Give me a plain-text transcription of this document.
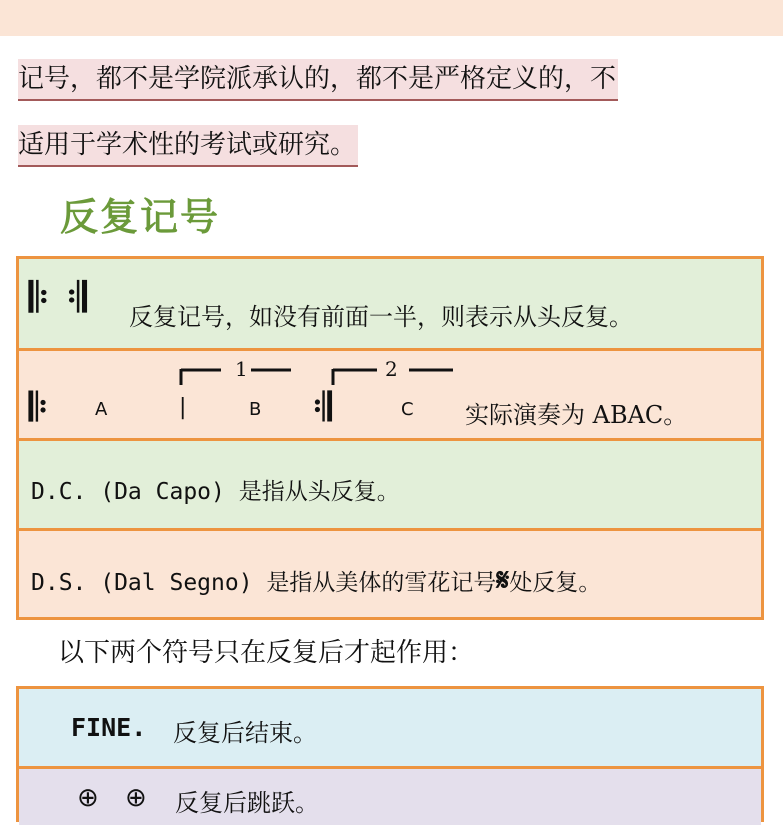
记号，都不是学院派承认的，都不是严格定义的，不
适用于学术性的考试或研究。
反复记号
𝄆 𝄇 反复记号，如没有前面一半，则表示从头反复。
𝄆	A	|
1
B 𝄇
2
C 实际演奏为 ABAC。
D.C. (Da Capo) 是指从头反复。
D.S. (Dal Segno) 是指从美体的雪花记号𝄋处反复。
以下两个符号只在反复后才起作用：
FINE. 反复后结束。
⊕ ⊕ 反复后跳跃。
